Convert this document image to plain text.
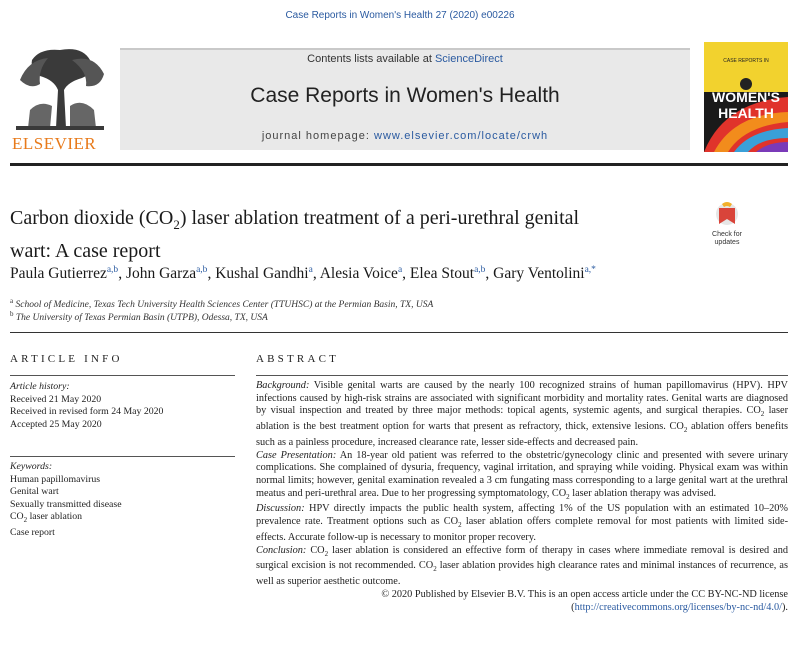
Case Reports in Women's Health 27 (2020) e00226
ELSEVIER
Contents lists available at ScienceDirect
Case Reports in Women's Health
journal homepage: www.elsevier.com/locate/crwh
CASE REPORTS IN
WOMEN'S
HEALTH
Carbon dioxide $(CO_2)$ laser ablation treatment of a peri-urethral genital
wart: A case report
Check for
updates
Paula Gutierrez$^{a,b}$, John Garza$^{a,b}$, Kushal Gandhi$^a$, Alesia Voice$^a$, Elea Stout$^{a,b}$, Gary Ventolini$^{a,*}$
$^a$ School of Medicine, Texas Tech University Health Sciences Center (TTUHSC) at the Permian Basin, TX, USA
$^b$ The University of Texas Permian Basin (UTPB), Odessa, TX, USA
ARTICLE INFO	ABSTRACT
Article history:
Received 21 May 2020
Received in revised form 24 May 2020
Accepted 25 May 2020
Keywords:
Human papillomavirus
Genital wart
Sexually transmitted disease
$CO_2$ laser ablation
Case report

Background: Visible genital warts are caused by the nearly 100 recognized strains of human papillomavirus (HPV). HPV infections caused by high-risk strains are associated with significant morbidity and mortality rates. Genital warts are diagnosed by visual inspection and treated by three major methods: topical agents, systemic agents, and surgical therapies. $CO_2$ laser ablation is the best treatment option for warts that present as refractory, thick, extensive lesions. $CO_2$ ablation offers benefits such as a painless procedure, increased clearance rate, lesser side-effects and decreased pain.

Case Presentation: An 18-year old patient was referred to the obstetric/gynecology clinic and presented with severe urinary complications. She complained of dysuria, frequency, vaginal irritation, and spraying while voiding. Physical exam was within normal limits; however, genital examination revealed a 3 cm fungating mass corresponding to a large genital wart at the urethral meatus and peri-urethral area. Due to her progressing symptomatology, $CO_2$ laser ablation therapy was advised.

Discussion: HPV directly impacts the public health system, affecting 1% of the US population with an estimated 10–20% prevalence rate. Treatment options such as $CO_2$ laser ablation offers complete removal for most patients with limited side-effects. Accurate follow-up is necessary to monitor proper recovery.

Conclusion: $CO_2$ laser ablation is considered an effective form of therapy in cases where immediate removal is desired and surgical excision is not recommended. $CO_2$ laser ablation provides high clearance rates and minimal instances of recurrence, as well as superior aesthetic outcome.

© 2020 Published by Elsevier B.V. This is an open access article under the CC BY-NC-ND license (http://creativecommons.org/licenses/by-nc-nd/4.0/).
